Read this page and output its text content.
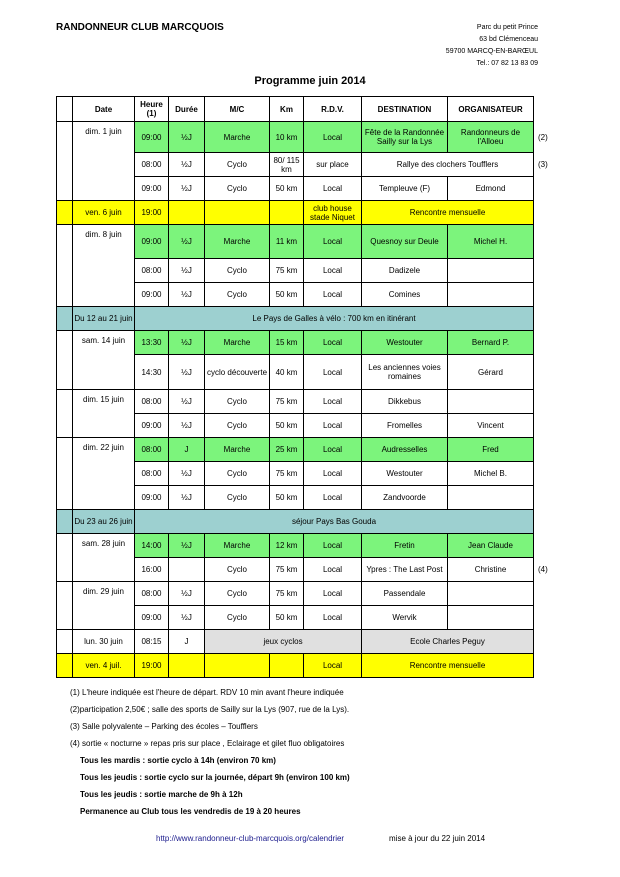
RANDONNEUR CLUB MARCQUOIS	Parc du petit Prince
63 bd Clémenceau
59700 MARCQ-EN-BARŒUL
Tel.: 07 82 13 83 09
Programme juin 2014
	Date	Heure (1)	Durée	M/C	Km	R.D.V.	DESTINATION	ORGANISATEUR	
	dim. 1 juin	09:00	½J	Marche	10 km	Local	Fête de la Randonnée Sailly sur la Lys	Randonneurs de l'Alloeu	(2)
		08:00	½J	Cyclo	80/ 115 km	sur place	Rallye des clochers Toufflers		(3)
		09:00	½J	Cyclo	50 km	Local	Templeuve (F)	Edmond	
	ven. 6 juin	19:00				club house stade Niquet	Rencontre mensuelle		
	dim. 8 juin	09:00	½J	Marche	11 km	Local	Quesnoy sur Deule	Michel H.	
		08:00	½J	Cyclo	75 km	Local	Dadizele		
		09:00	½J	Cyclo	50 km	Local	Comines		
	Du 12 au 21 juin	Le Pays de Galles à vélo : 700 km en itinérant							
	sam. 14 juin	13:30	½J	Marche	15 km	Local	Westouter	Bernard P.	
		14:30	½J	cyclo découverte	40 km	Local	Les anciennes voies romaines	Gérard	
	dim. 15 juin	08:00	½J	Cyclo	75 km	Local	Dikkebus		
		09:00	½J	Cyclo	50 km	Local	Fromelles	Vincent	
	dim. 22 juin	08:00	J	Marche	25 km	Local	Audresselles	Fred	
		08:00	½J	Cyclo	75 km	Local	Westouter	Michel B.	
		09:00	½J	Cyclo	50 km	Local	Zandvoorde		
	Du 23 au 26 juin	séjour Pays Bas Gouda							
	sam. 28 juin	14:00	½J	Marche	12 km	Local	Fretin	Jean Claude	
		16:00		Cyclo	75 km	Local	Ypres : The Last Post	Christine	(4)
	dim. 29 juin	08:00	½J	Cyclo	75 km	Local	Passendale		
		09:00	½J	Cyclo	50 km	Local	Wervik		
	lun. 30 juin	08:15	J	jeux cyclos			Ecole Charles Peguy		
	ven. 4 juil.	19:00				Local	Rencontre mensuelle		
(1) L'heure indiquée est l'heure de départ. RDV 10 min avant l'heure indiquée
(2)participation 2,50€ ; salle des sports de Sailly sur la Lys (907, rue de la Lys).
(3) Salle polyvalente – Parking des écoles – Toufflers
(4) sortie « nocturne » repas pris sur place , Eclairage et gilet fluo obligatoires
Tous les mardis : sortie cyclo à 14h (environ 70 km)
Tous les jeudis : sortie cyclo sur la journée, départ 9h (environ 100 km)
Tous les jeudis : sortie marche de 9h à 12h
Permanence au Club tous les vendredis de 19 à 20 heures
http://www.randonneur-club-marcquois.org/calendrier	mise à jour du 22 juin 2014
